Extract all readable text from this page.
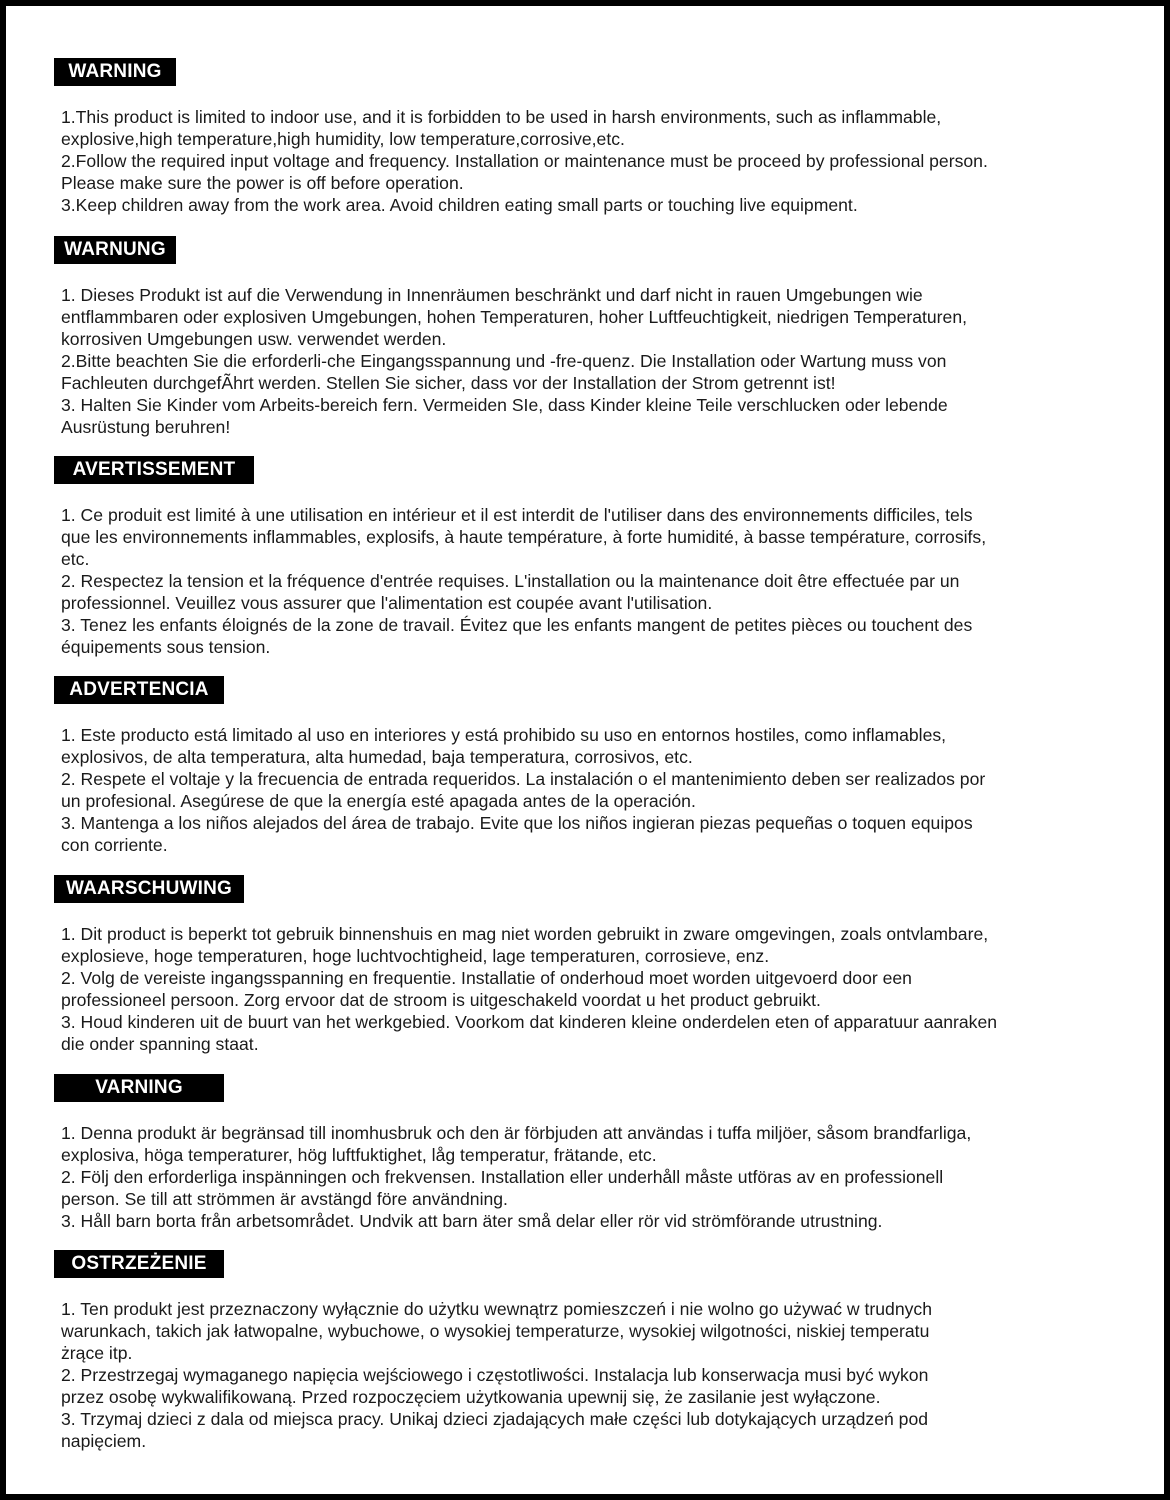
WARNING
1.This product is limited to indoor use, and it is forbidden to be used in harsh environments, such as inflammable,
explosive,high temperature,high humidity, low temperature,corrosive,etc.
2.Follow the required input voltage and frequency. Installation or maintenance must be proceed by professional person.
Please make sure the power is off before operation.
3.Keep children away from the work area. Avoid children eating small parts or touching live equipment.
WARNUNG
1. Dieses Produkt ist auf die Verwendung in Innenräumen beschränkt und darf nicht in rauen Umgebungen wie
entflammbaren oder explosiven Umgebungen, hohen Temperaturen, hoher Luftfeuchtigkeit, niedrigen Temperaturen,
korrosiven Umgebungen usw. verwendet werden.
2.Bitte beachten Sie die erforderli-che Eingangsspannung und -fre-quenz. Die Installation oder Wartung muss von
Fachleuten durchgefÃhrt werden. Stellen Sie sicher, dass vor der Installation der Strom getrennt ist!
3. Halten Sie Kinder vom Arbeits-bereich fern. Vermeiden SIe, dass Kinder kleine Teile verschlucken oder lebende
Ausrüstung beruhren!
AVERTISSEMENT
1. Ce produit est limité à une utilisation en intérieur et il est interdit de l'utiliser dans des environnements difficiles, tels
que les environnements inflammables, explosifs, à haute température, à forte humidité, à basse température, corrosifs,
etc.
2. Respectez la tension et la fréquence d'entrée requises. L'installation ou la maintenance doit être effectuée par un
professionnel. Veuillez vous assurer que l'alimentation est coupée avant l'utilisation.
3. Tenez les enfants éloignés de la zone de travail. Évitez que les enfants mangent de petites pièces ou touchent des
équipements sous tension.
ADVERTENCIA
1. Este producto está limitado al uso en interiores y está prohibido su uso en entornos hostiles, como inflamables,
explosivos, de alta temperatura, alta humedad, baja temperatura, corrosivos, etc.
2. Respete el voltaje y la frecuencia de entrada requeridos. La instalación o el mantenimiento deben ser realizados por
un profesional. Asegúrese de que la energía esté apagada antes de la operación.
3. Mantenga a los niños alejados del área de trabajo. Evite que los niños ingieran piezas pequeñas o toquen equipos
con corriente.
WAARSCHUWING
1. Dit product is beperkt tot gebruik binnenshuis en mag niet worden gebruikt in zware omgevingen, zoals ontvlambare,
explosieve, hoge temperaturen, hoge luchtvochtigheid, lage temperaturen, corrosieve, enz.
2. Volg de vereiste ingangsspanning en frequentie. Installatie of onderhoud moet worden uitgevoerd door een
professioneel persoon. Zorg ervoor dat de stroom is uitgeschakeld voordat u het product gebruikt.
3. Houd kinderen uit de buurt van het werkgebied. Voorkom dat kinderen kleine onderdelen eten of apparatuur aanraken
die onder spanning staat.
VARNING
1. Denna produkt är begränsad till inomhusbruk och den är förbjuden att användas i tuffa miljöer, såsom brandfarliga,
explosiva, höga temperaturer, hög luftfuktighet, låg temperatur, frätande, etc.
2. Följ den erforderliga inspänningen och frekvensen. Installation eller underhåll måste utföras av en professionell
person. Se till att strömmen är avstängd före användning.
3. Håll barn borta från arbetsområdet. Undvik att barn äter små delar eller rör vid strömförande utrustning.
OSTRZEŻENIE
1. Ten produkt jest przeznaczony wyłącznie do użytku wewnątrz pomieszczeń i nie wolno go używać w trudnych
warunkach, takich jak łatwopalne, wybuchowe, o wysokiej temperaturze, wysokiej wilgotności, niskiej temperatu
żrące itp.
2. Przestrzegaj wymaganego napięcia wejściowego i częstotliwości. Instalacja lub konserwacja musi być wykon
przez osobę wykwalifikowaną. Przed rozpoczęciem użytkowania upewnij się, że zasilanie jest wyłączone.
3. Trzymaj dzieci z dala od miejsca pracy. Unikaj dzieci zjadających małe części lub dotykających urządzeń pod
napięciem.
